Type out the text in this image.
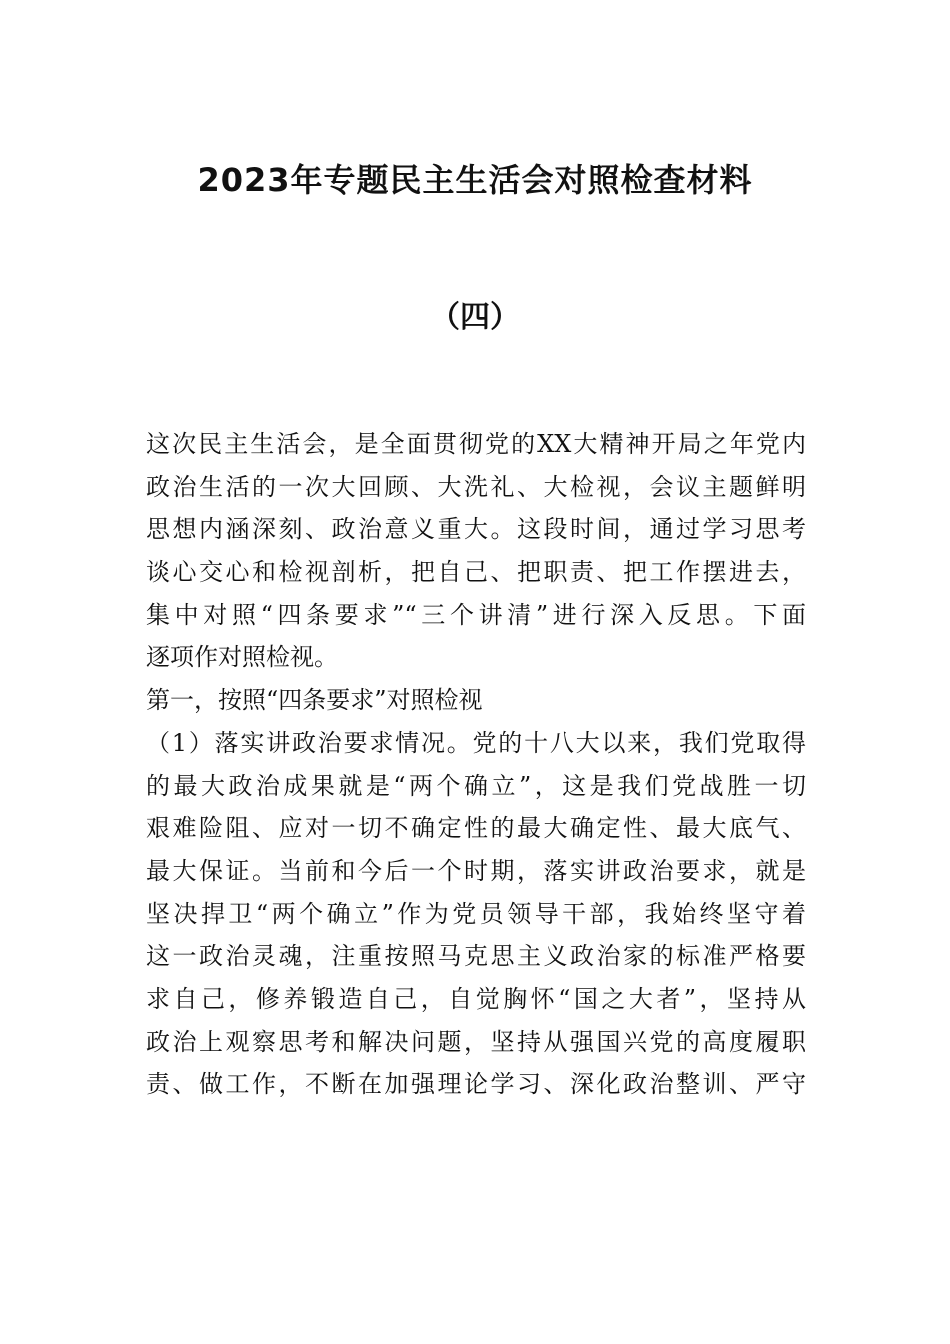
2023年专题民主生活会对照检查材料
（四）
这次民主生活会，是全面贯彻党的XX大精神开局之年党内
政治生活的一次大回顾、大洗礼、大检视，会议主题鲜明
思想内涵深刻、政治意义重大。这段时间，通过学习思考
谈心交心和检视剖析，把自己、把职责、把工作摆进去，
集中对照“四条要求”“三个讲清”进行深入反思。下面
逐项作对照检视。
第一，按照“四条要求”对照检视
（1）落实讲政治要求情况。党的十八大以来，我们党取得
的最大政治成果就是“两个确立”，这是我们党战胜一切
艰难险阻、应对一切不确定性的最大确定性、最大底气、
最大保证。当前和今后一个时期，落实讲政治要求，就是
坚决捍卫“两个确立”作为党员领导干部，我始终坚守着
这一政治灵魂，注重按照马克思主义政治家的标准严格要
求自己，修养锻造自己，自觉胸怀“国之大者”，坚持从
政治上观察思考和解决问题，坚持从强国兴党的高度履职
责、做工作，不断在加强理论学习、深化政治整训、严守
